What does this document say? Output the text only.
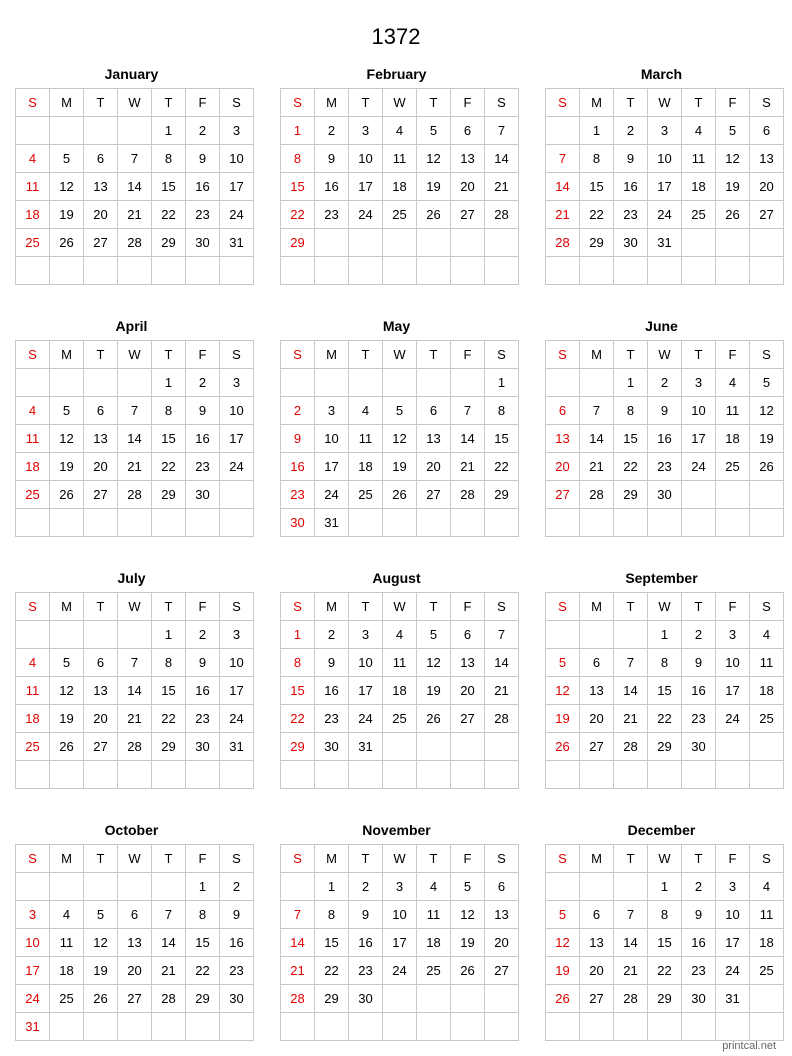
1372
January
S	M	T	W	T	F	S
				1	2	3
4	5	6	7	8	9	10
11	12	13	14	15	16	17
18	19	20	21	22	23	24
25	26	27	28	29	30	31

February
S	M	T	W	T	F	S
1	2	3	4	5	6	7
8	9	10	11	12	13	14
15	16	17	18	19	20	21
22	23	24	25	26	27	28
29						

March
S	M	T	W	T	F	S
	1	2	3	4	5	6
7	8	9	10	11	12	13
14	15	16	17	18	19	20
21	22	23	24	25	26	27
28	29	30	31			

April
S	M	T	W	T	F	S
				1	2	3
4	5	6	7	8	9	10
11	12	13	14	15	16	17
18	19	20	21	22	23	24
25	26	27	28	29	30	

May
S	M	T	W	T	F	S
						1
2	3	4	5	6	7	8
9	10	11	12	13	14	15
16	17	18	19	20	21	22
23	24	25	26	27	28	29
30	31					
June
S	M	T	W	T	F	S
		1	2	3	4	5
6	7	8	9	10	11	12
13	14	15	16	17	18	19
20	21	22	23	24	25	26
27	28	29	30			

July
S	M	T	W	T	F	S
				1	2	3
4	5	6	7	8	9	10
11	12	13	14	15	16	17
18	19	20	21	22	23	24
25	26	27	28	29	30	31

August
S	M	T	W	T	F	S
1	2	3	4	5	6	7
8	9	10	11	12	13	14
15	16	17	18	19	20	21
22	23	24	25	26	27	28
29	30	31				

September
S	M	T	W	T	F	S
			1	2	3	4
5	6	7	8	9	10	11
12	13	14	15	16	17	18
19	20	21	22	23	24	25
26	27	28	29	30		

October
S	M	T	W	T	F	S
					1	2
3	4	5	6	7	8	9
10	11	12	13	14	15	16
17	18	19	20	21	22	23
24	25	26	27	28	29	30
31						
November
S	M	T	W	T	F	S
	1	2	3	4	5	6
7	8	9	10	11	12	13
14	15	16	17	18	19	20
21	22	23	24	25	26	27
28	29	30				

December
S	M	T	W	T	F	S
			1	2	3	4
5	6	7	8	9	10	11
12	13	14	15	16	17	18
19	20	21	22	23	24	25
26	27	28	29	30	31	

printcal.net
